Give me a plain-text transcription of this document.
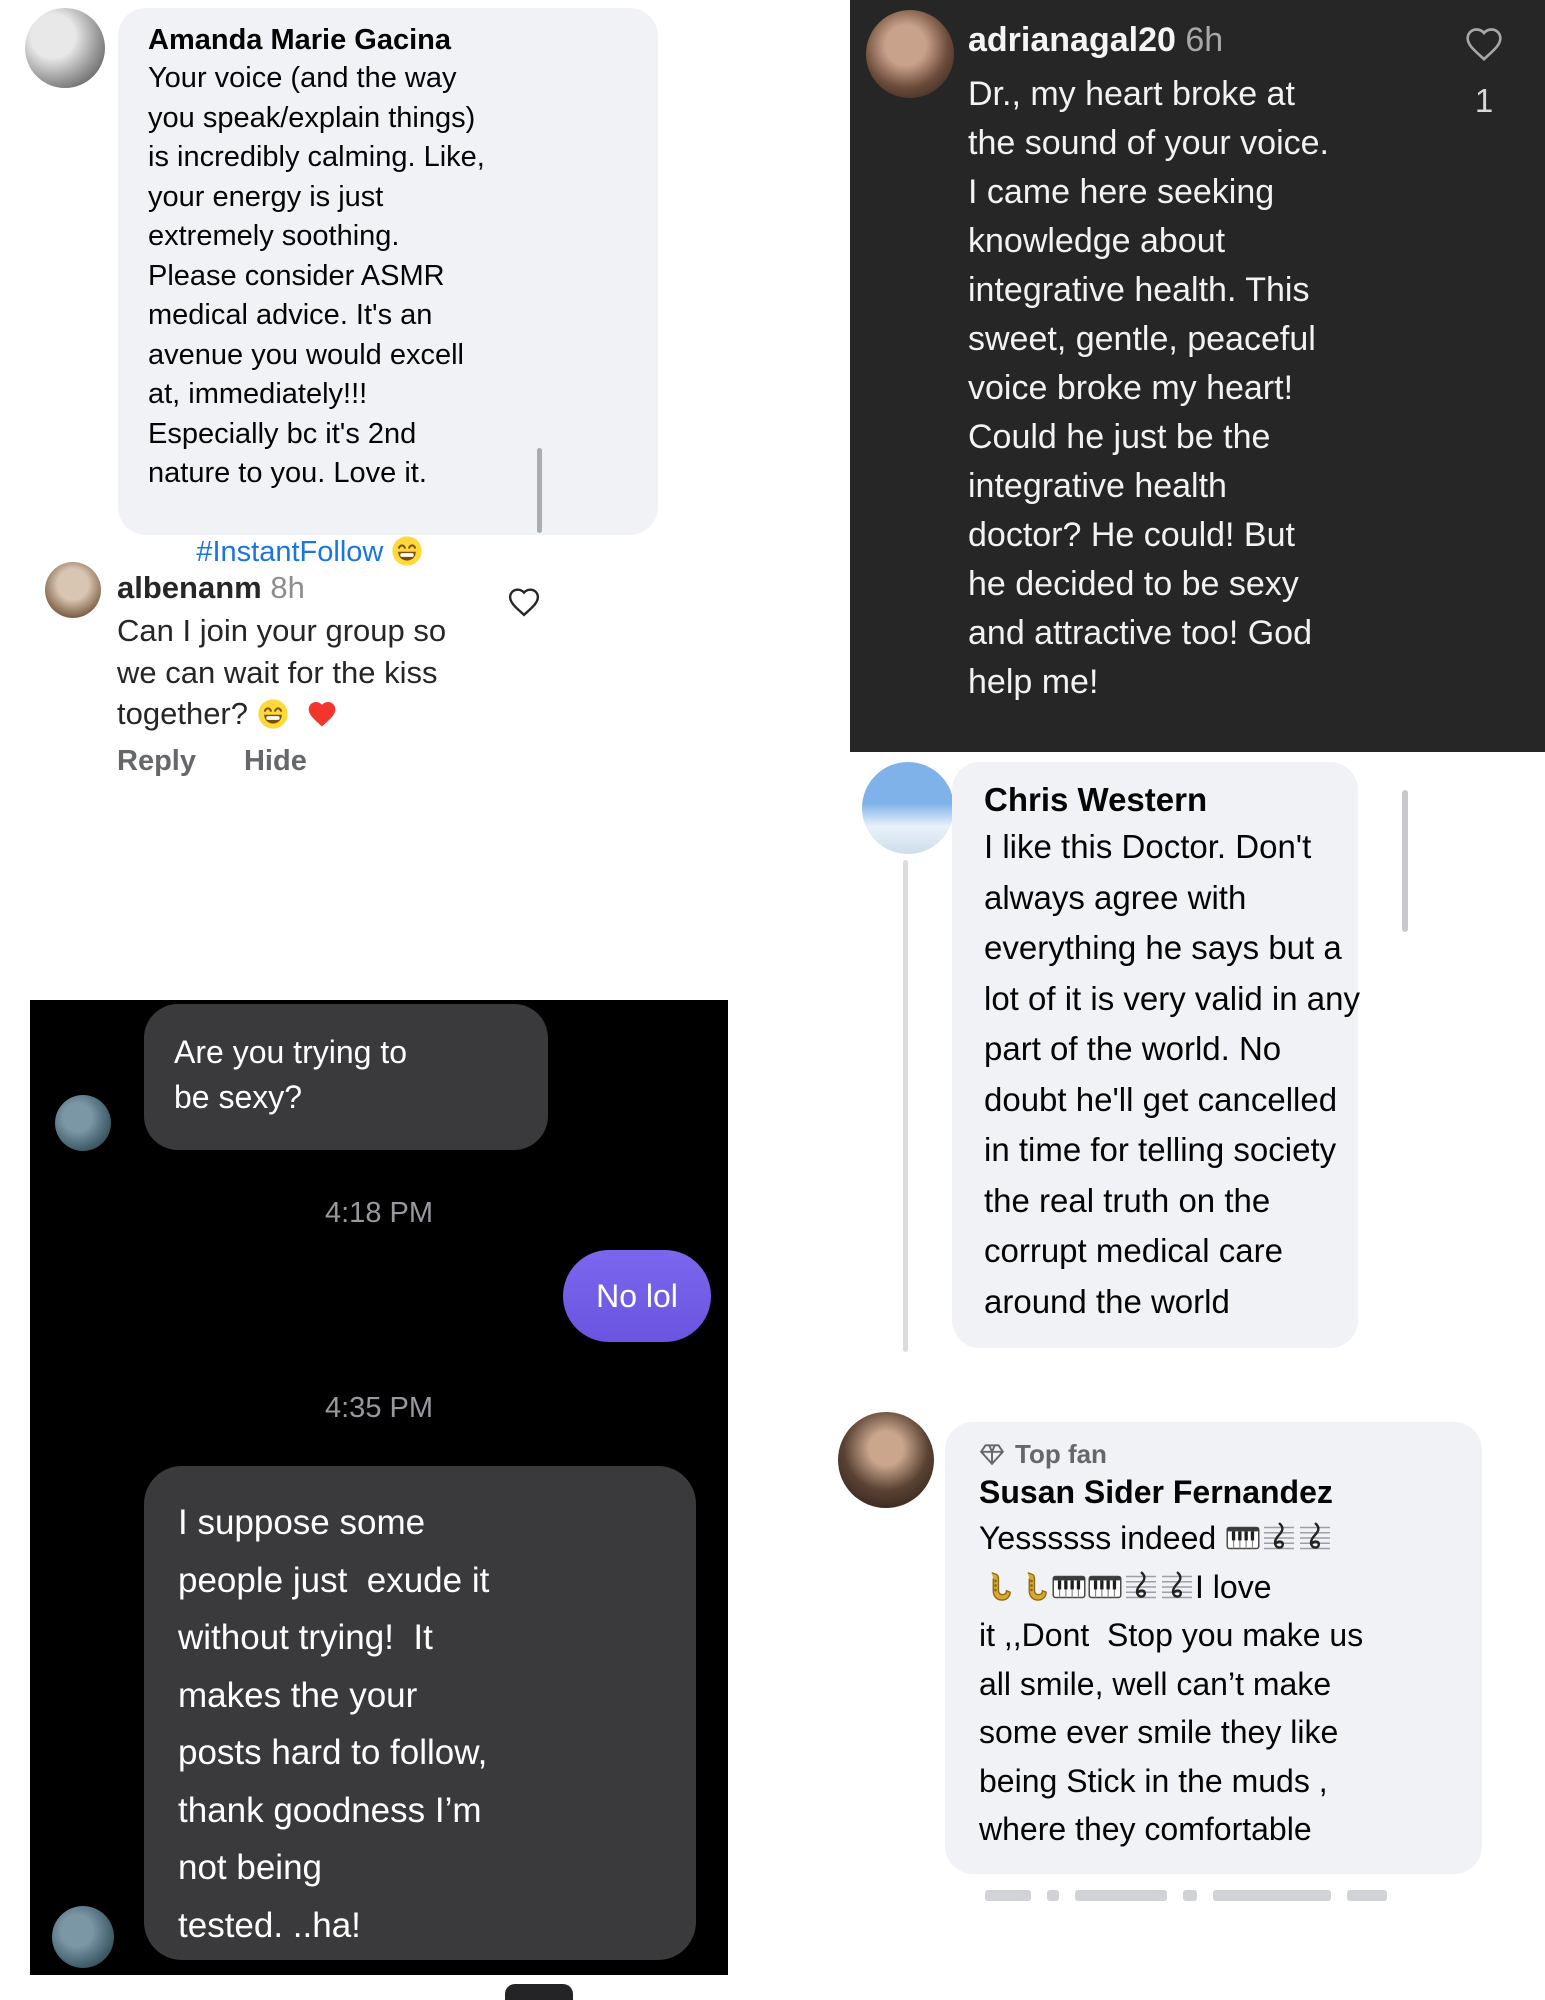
Amanda Marie Gacina
Your voice (and the way
you speak/explain things)
is incredibly calming. Like,
your energy is just
extremely soothing.
Please consider ASMR
medical advice. It's an
avenue you would excell
at, immediately!!!
Especially bc it's 2nd
nature to you. Love it.

#InstantFollow

albenanm 8h
Can I join your group so
we can wait for the kiss
together?

Reply Hide
Are you trying to
be sexy?
4:18 PM
No lol
4:35 PM
I suppose some
people just  exude it
without trying!  It
makes the your
posts hard to follow,
thank goodness I’m
not being
tested. ..ha!
adrianagal20 6h
1
Dr., my heart broke at
the sound of your voice.
I came here seeking
knowledge about
integrative health. This
sweet, gentle, peaceful
voice broke my heart!
Could he just be the
integrative health
doctor? He could! But
he decided to be sexy
and attractive too! God
help me!
Chris Western
I like this Doctor. Don't
always agree with
everything he says but a
lot of it is very valid in any
part of the world. No
doubt he'll get cancelled
in time for telling society
the real truth on the
corrupt medical care
around the world
Top fan
Susan Sider Fernandez
Yessssss indeed
I love
it ,,Dont  Stop you make us
all smile, well can’t make
some ever smile they like
being Stick in the muds ,
where they comfortable
